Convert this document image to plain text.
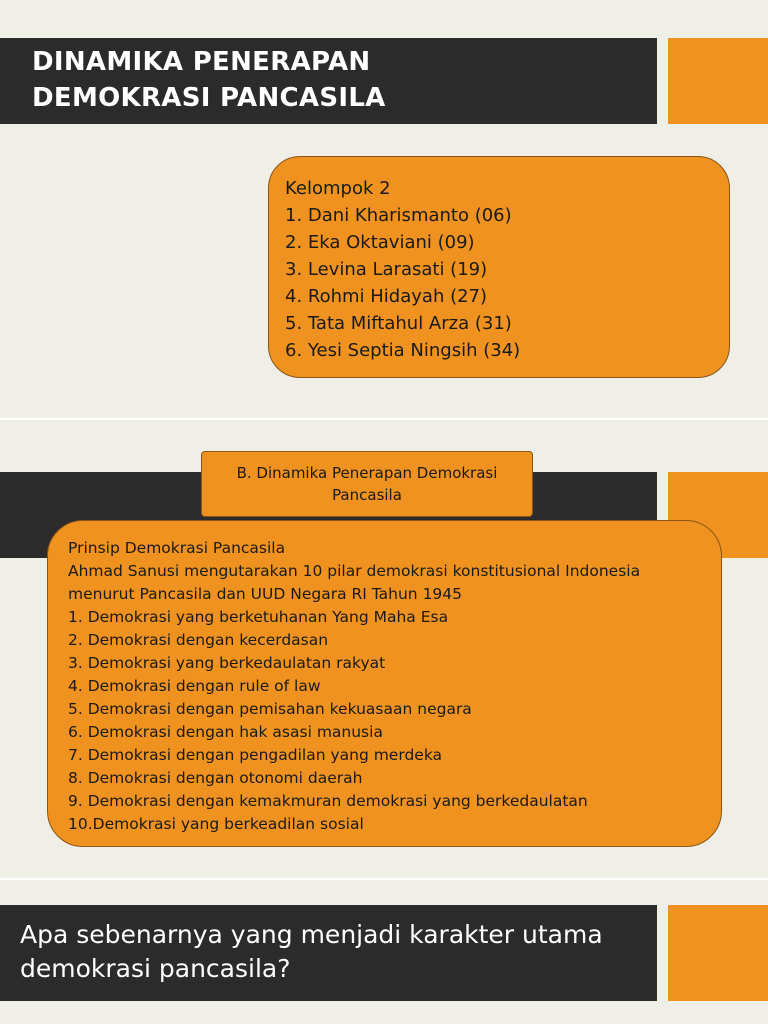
DINAMIKA PENERAPAN
DEMOKRASI PANCASILA
Kelompok 2
1. Dani Kharismanto (06)
2. Eka Oktaviani (09)
3. Levina Larasati (19)
4. Rohmi Hidayah (27)
5. Tata Miftahul Arza (31)
6. Yesi Septia Ningsih (34)
B. Dinamika Penerapan Demokrasi
Pancasila
Prinsip Demokrasi Pancasila
Ahmad Sanusi mengutarakan 10 pilar demokrasi konstitusional Indonesia
menurut Pancasila dan UUD Negara RI Tahun 1945
1. Demokrasi yang berketuhanan Yang Maha Esa
2. Demokrasi dengan kecerdasan
3. Demokrasi yang berkedaulatan rakyat
4. Demokrasi dengan rule of law
5. Demokrasi dengan pemisahan kekuasaan negara
6. Demokrasi dengan hak asasi manusia
7. Demokrasi dengan pengadilan yang merdeka
8. Demokrasi dengan otonomi daerah
9. Demokrasi dengan kemakmuran demokrasi yang berkedaulatan
10.Demokrasi yang berkeadilan sosial
Apa sebenarnya yang menjadi karakter utama
demokrasi pancasila?
